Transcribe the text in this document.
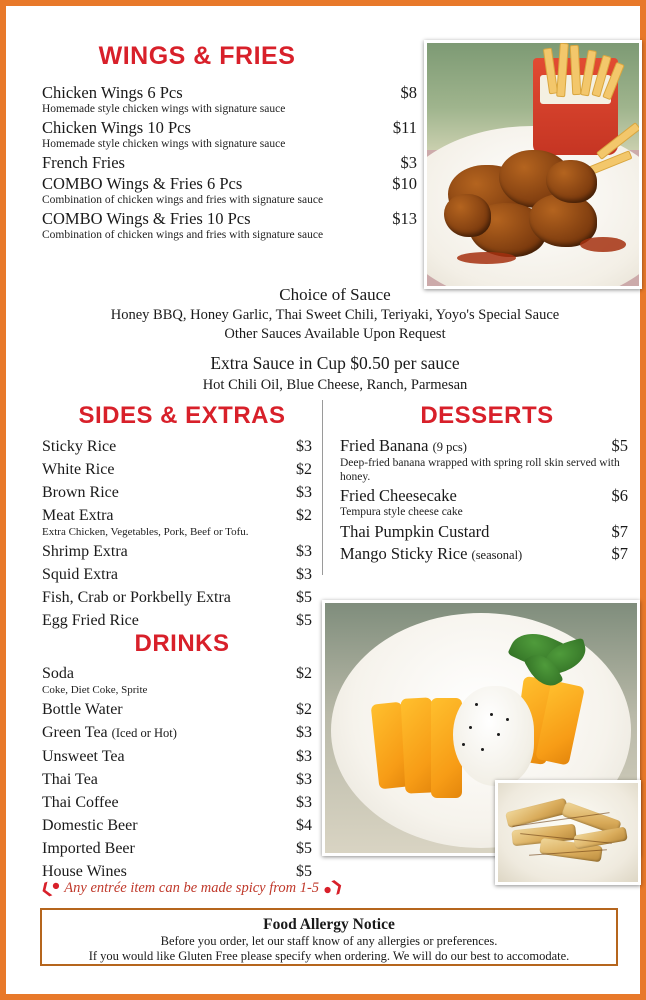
WINGS & FRIES
Chicken Wings 6 Pcs	$8
Homemade style chicken wings with signature sauce
Chicken Wings 10 Pcs	$11
Homemade style chicken wings with signature sauce
French Fries	$3
COMBO Wings & Fries 6 Pcs	$10
Combination of chicken wings and fries with signature sauce
COMBO Wings & Fries 10 Pcs	$13
Combination of chicken wings and fries with signature sauce
Choice of Sauce
Honey BBQ, Honey Garlic, Thai Sweet Chili, Teriyaki, Yoyo's Special Sauce
Other Sauces Available Upon Request
Extra Sauce in Cup $0.50 per sauce
Hot Chili Oil, Blue Cheese, Ranch, Parmesan
SIDES & EXTRAS
Sticky Rice	$3
White Rice	$2
Brown Rice	$3
Meat Extra	$2
Extra Chicken, Vegetables, Pork, Beef or Tofu.
Shrimp Extra	$3
Squid Extra	$3
Fish, Crab or Porkbelly Extra	$5
Egg Fried Rice	$5
DESSERTS
Fried Banana (9 pcs)	$5
Deep-fried banana wrapped with spring roll skin served with honey.
Fried Cheesecake	$6
Tempura style cheese cake
Thai Pumpkin Custard	$7
Mango Sticky Rice (seasonal)	$7
DRINKS
Soda	$2
Coke, Diet Coke, Sprite
Bottle Water	$2
Green Tea (Iced or Hot)	$3
Unsweet Tea	$3
Thai Tea	$3
Thai Coffee	$3
Domestic Beer	$4
Imported Beer	$5
House Wines	$5
❮● Any entrée item can be made spicy from 1-5 ●❯
Food Allergy Notice
Before you order, let our staff know of any allergies or preferences.
If you would like Gluten Free please specify when ordering. We will do our best to accomodate.
